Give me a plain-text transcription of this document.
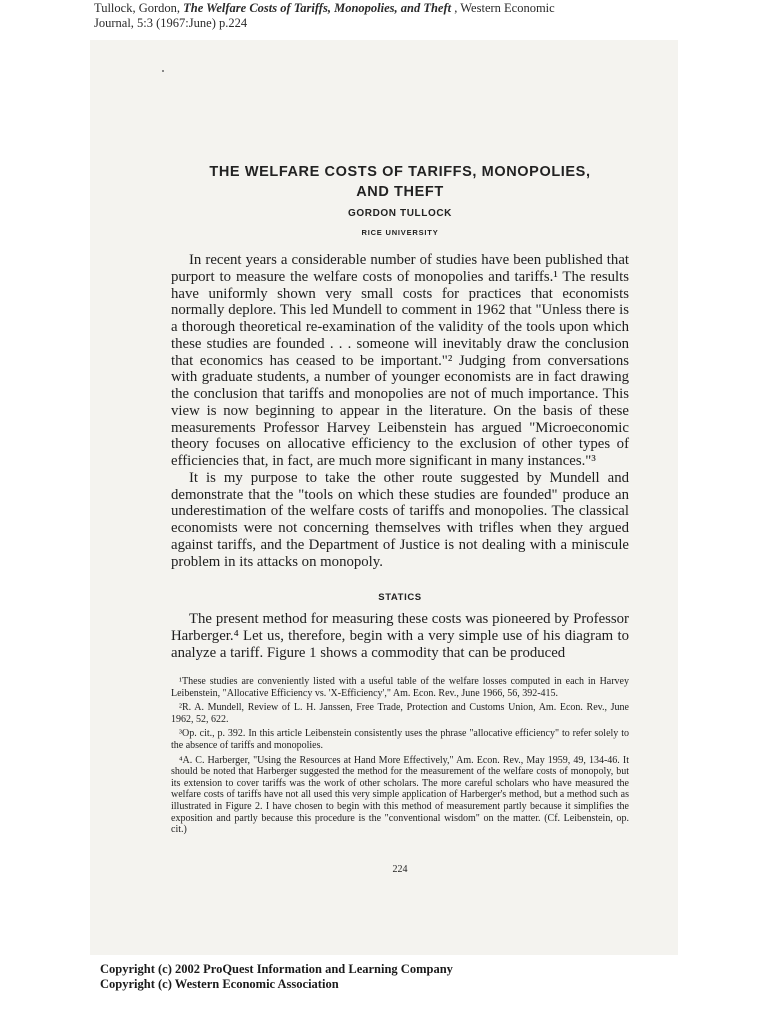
Tullock, Gordon, The Welfare Costs of Tariffs, Monopolies, and Theft , Western Economic
Journal, 5:3 (1967:June) p.224
THE WELFARE COSTS OF TARIFFS, MONOPOLIES,
AND THEFT
GORDON TULLOCK
RICE UNIVERSITY

In recent years a considerable number of studies have been published that purport to measure the welfare costs of monopolies and tariffs.¹ The results have uniformly shown very small costs for practices that economists normally deplore. This led Mundell to comment in 1962 that "Unless there is a thorough theoretical re-examination of the validity of the tools upon which these studies are founded . . . someone will inevitably draw the conclusion that economics has ceased to be important."² Judging from conversations with graduate students, a number of younger economists are in fact drawing the conclusion that tariffs and monopolies are not of much importance. This view is now beginning to appear in the literature. On the basis of these measurements Professor Harvey Leibenstein has argued "Microeconomic theory focuses on allocative efficiency to the exclusion of other types of efficiencies that, in fact, are much more significant in many instances."³

It is my purpose to take the other route suggested by Mundell and demonstrate that the "tools on which these studies are founded" produce an underestimation of the welfare costs of tariffs and monopolies. The classical economists were not concerning themselves with trifles when they argued against tariffs, and the Department of Justice is not dealing with a miniscule problem in its attacks on monopoly.

STATICS

The present method for measuring these costs was pioneered by Professor Harberger.⁴ Let us, therefore, begin with a very simple use of his diagram to analyze a tariff. Figure 1 shows a commodity that can be produced

¹These studies are conveniently listed with a useful table of the welfare losses computed in each in Harvey Leibenstein, "Allocative Efficiency vs. 'X-Efficiency'," Am. Econ. Rev., June 1966, 56, 392-415.

²R. A. Mundell, Review of L. H. Janssen, Free Trade, Protection and Customs Union, Am. Econ. Rev., June 1962, 52, 622.

³Op. cit., p. 392. In this article Leibenstein consistently uses the phrase "allocative efficiency" to refer solely to the absence of tariffs and monopolies.

⁴A. C. Harberger, "Using the Resources at Hand More Effectively," Am. Econ. Rev., May 1959, 49, 134-46. It should be noted that Harberger suggested the method for the measurement of the welfare costs of monopoly, but its extension to cover tariffs was the work of other scholars. The more careful scholars who have measured the welfare costs of tariffs have not all used this very simple application of Harberger's method, but a method such as illustrated in Figure 2. I have chosen to begin with this method of measurement partly because it simplifies the exposition and partly because this procedure is the "conventional wisdom" on the matter. (Cf. Leibenstein, op. cit.)

224
Copyright (c) 2002 ProQuest Information and Learning Company
Copyright (c) Western Economic Association
